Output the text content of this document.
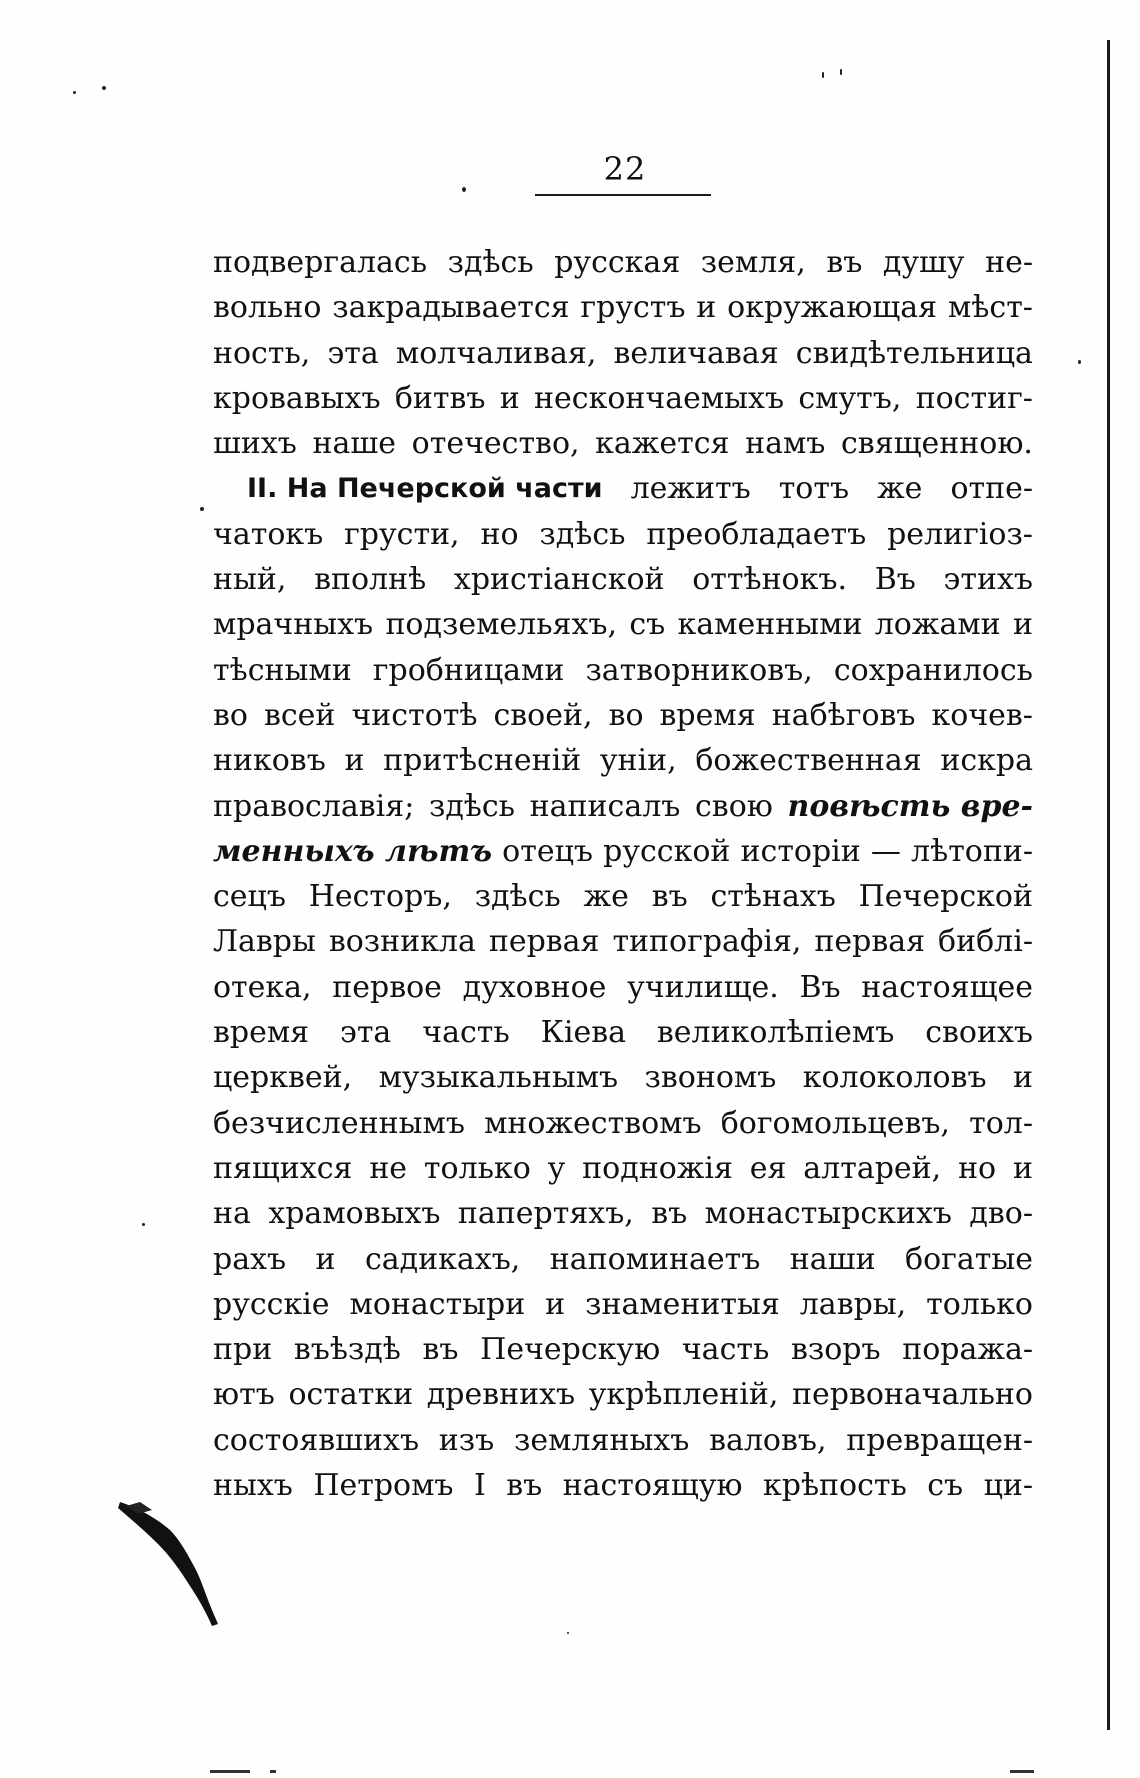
22
подвергалась здѣсь русская земля, въ душу не-
вольно закрадывается грустъ и окружающая мѣст-
ность, эта молчаливая, величавая свидѣтельница
кровавыхъ битвъ и нескончаемыхъ смутъ, постиг-
шихъ наше отечество, кажется намъ священною.
II. На Печерской части лежитъ тотъ же отпе-
чатокъ грусти, но здѣсь преобладаетъ религіоз-
ный, вполнѣ христіанской оттѣнокъ. Въ этихъ
мрачныхъ подземельяхъ, съ каменными ложами и
тѣсными гробницами затворниковъ, сохранилось
во всей чистотѣ своей, во время набѣговъ кочев-
никовъ и притѣсненій уніи, божественная искра
православія; здѣсь написалъ свою повѣсть вре-
менныхъ лѣтъ отецъ русской исторіи — лѣтопи-
сецъ Несторъ, здѣсь же въ стѣнахъ Печерской
Лавры возникла первая типографія, первая библі-
отека, первое духовное училище. Въ настоящее
время эта часть Кіева великолѣпіемъ своихъ
церквей, музыкальнымъ звономъ колоколовъ и
безчисленнымъ множествомъ богомольцевъ, тол-
пящихся не только у подножія ея алтарей, но и
на храмовыхъ папертяхъ, въ монастырскихъ дво-
рахъ и садикахъ, напоминаетъ наши богатые
русскіе монастыри и знаменитыя лавры, только
при въѣздѣ въ Печерскую часть взоръ поража-
ютъ остатки древнихъ укрѣпленій, первоначально
состоявшихъ изъ земляныхъ валовъ, превращен-
ныхъ Петромъ I въ настоящую крѣпость съ ци-
